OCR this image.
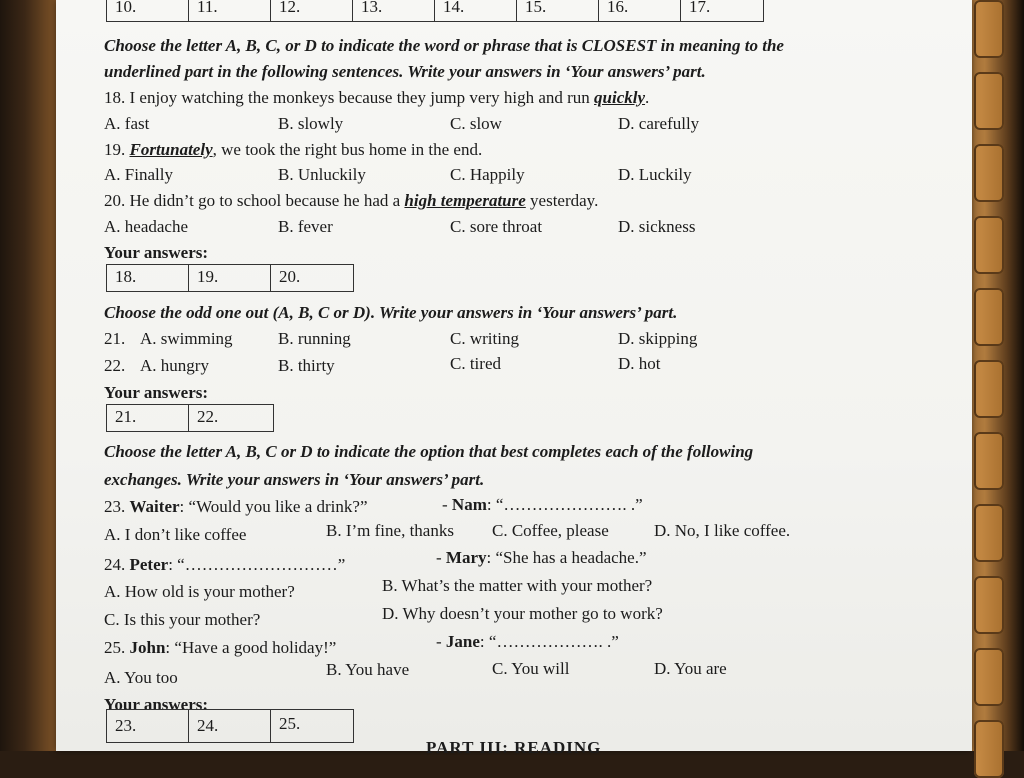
10.	11.	12.	13.	14.	15.	16.	17.
Choose the letter A, B, C, or D to indicate the word or phrase that is CLOSEST in meaning to the
underlined part in the following sentences. Write your answers in ‘Your answers’ part.
18. I enjoy watching the monkeys because they jump very high and run quickly.
A. fast	B. slowly	C. slow	D. carefully
19. Fortunately, we took the right bus home in the end.
A. Finally	B. Unluckily	C. Happily	D. Luckily
20. He didn’t go to school because he had a high temperature yesterday.
A. headache	B. fever	C. sore throat	D. sickness
Your answers:
18.	19.	20.
Choose the odd one out (A, B, C or D). Write your answers in ‘Your answers’ part.
21. A. swimming	B. running	C. writing	D. skipping
22. A. hungry	B. thirty	C. tired	D. hot
Your answers:
21.	22.
Choose the letter A, B, C or D to indicate the option that best completes each of the following
exchanges. Write your answers in ‘Your answers’ part.
23. Waiter: “Would you like a drink?”	- Nam: “…………………. .”
A. I don’t like coffee	B. I’m fine, thanks C. Coffee, please	D. No, I like coffee.
24. Peter: “………………………”	- Mary: “She has a headache.”
A. How old is your mother?	B. What’s the matter with your mother?
C. Is this your mother?	D. Why doesn’t your mother go to work?
25. John: “Have a good holiday!”	- Jane: “………………. .”
A. You too	B. You have	C. You will	D. You are
Your answers:
23.	24.	25.
PART III: READING
